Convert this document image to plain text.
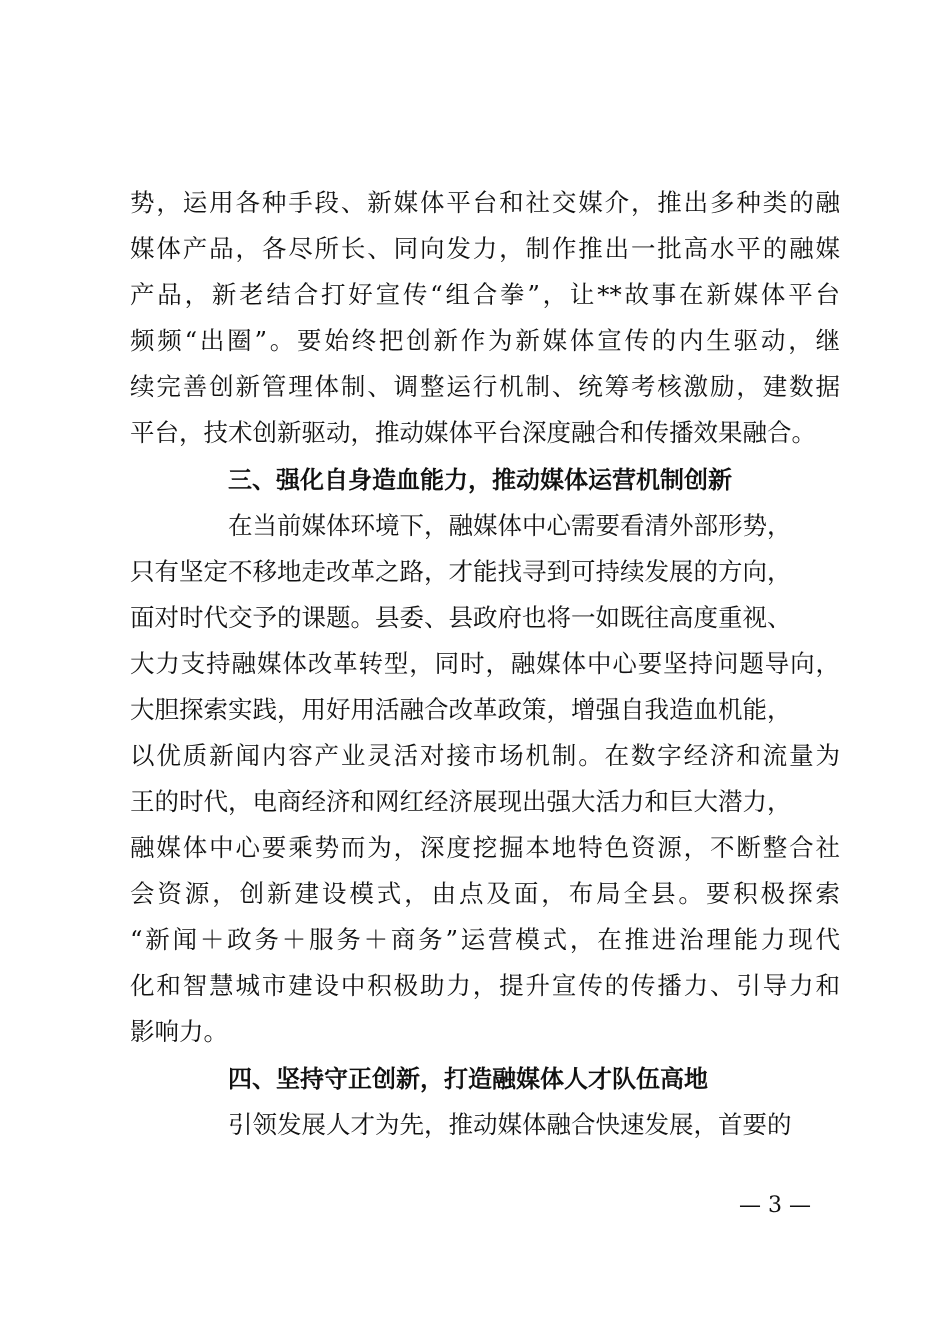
势，运用各种手段、新媒体平台和社交媒介，推出多种类的融
媒体产品，各尽所长、同向发力，制作推出一批高水平的融媒
产品，新老结合打好宣传“组合拳”，让**故事在新媒体平台
频频“出圈”。要始终把创新作为新媒体宣传的内生驱动，继
续完善创新管理体制、调整运行机制、统筹考核激励，建数据
平台，技术创新驱动，推动媒体平台深度融合和传播效果融合。
三、强化自身造血能力，推动媒体运营机制创新
在当前媒体环境下，融媒体中心需要看清外部形势，
只有坚定不移地走改革之路，才能找寻到可持续发展的方向，
面对时代交予的课题。县委、县政府也将一如既往高度重视、
大力支持融媒体改革转型，同时，融媒体中心要坚持问题导向，
大胆探索实践，用好用活融合改革政策，增强自我造血机能，
以优质新闻内容产业灵活对接市场机制。在数字经济和流量为
王的时代，电商经济和网红经济展现出强大活力和巨大潜力，
融媒体中心要乘势而为，深度挖掘本地特色资源，不断整合社
会资源，创新建设模式，由点及面，布局全县。要积极探索
“新闻＋政务＋服务＋商务”运营模式，在推进治理能力现代
化和智慧城市建设中积极助力，提升宣传的传播力、引导力和
影响力。
四、坚持守正创新，打造融媒体人才队伍高地
引领发展人才为先，推动媒体融合快速发展，首要的
— 3 —
